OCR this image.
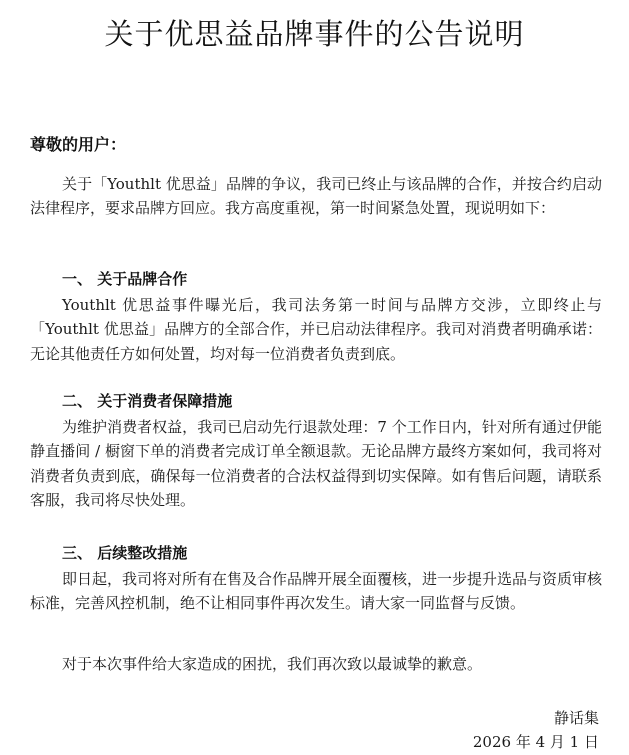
关于优思益品牌事件的公告说明
尊敬的用户：
关于「Youthlt 优思益」品牌的争议，我司已终止与该品牌的合作，并按合约启动法律程序，要求品牌方回应。我方高度重视，第一时间紧急处置，现说明如下：
一、 关于品牌合作
Youthlt 优思益事件曝光后，我司法务第一时间与品牌方交涉，立即终止与「Youthlt 优思益」品牌方的全部合作，并已启动法律程序。我司对消费者明确承诺：无论其他责任方如何处置，均对每一位消费者负责到底。
二、 关于消费者保障措施
为维护消费者权益，我司已启动先行退款处理：7 个工作日内，针对所有通过伊能静直播间 / 橱窗下单的消费者完成订单全额退款。无论品牌方最终方案如何，我司将对消费者负责到底，确保每一位消费者的合法权益得到切实保障。如有售后问题，请联系客服，我司将尽快处理。
三、 后续整改措施
即日起，我司将对所有在售及合作品牌开展全面覆核，进一步提升选品与资质审核标准，完善风控机制，绝不让相同事件再次发生。请大家一同监督与反馈。
对于本次事件给大家造成的困扰，我们再次致以最诚挚的歉意。
静话集
2026 年 4 月 1 日
